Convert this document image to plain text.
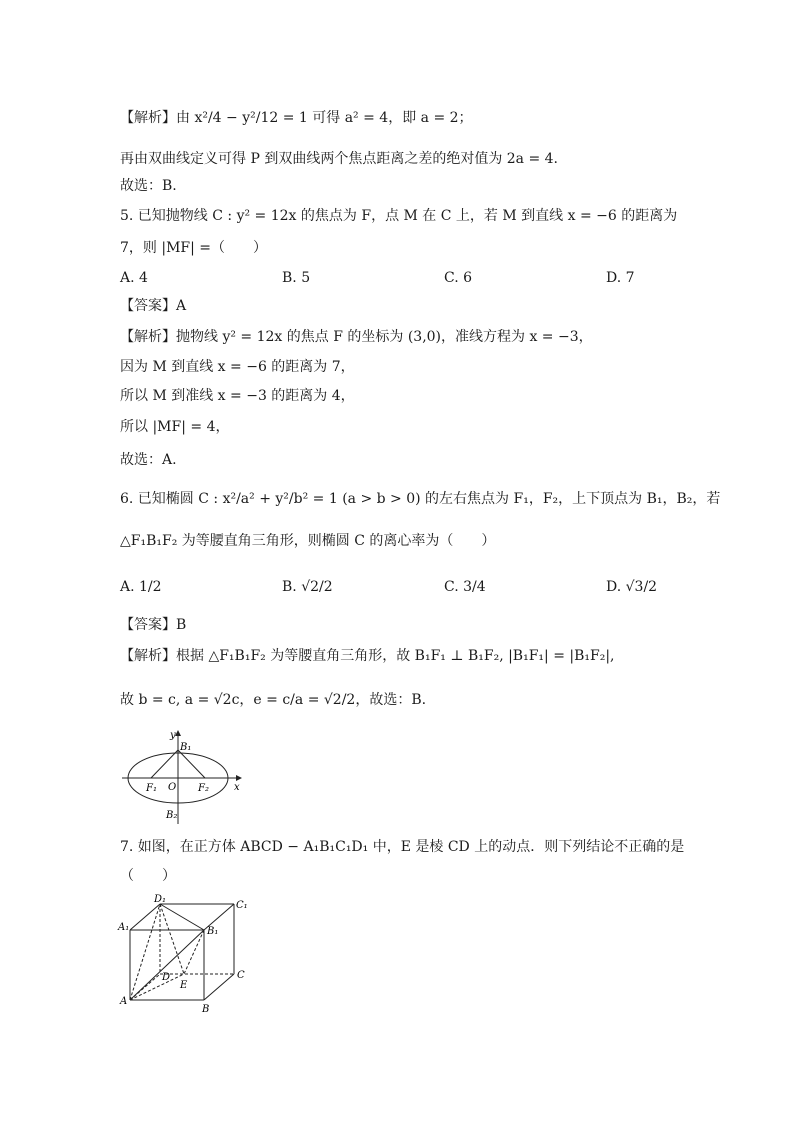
【解析】由 x²/4 − y²/12 = 1 可得 a² = 4，即 a = 2；
再由双曲线定义可得 P 到双曲线两个焦点距离之差的绝对值为 2a = 4.
故选：B.
5. 已知抛物线 C : y² = 12x 的焦点为 F，点 M 在 C 上，若 M 到直线 x = −6 的距离为
7，则 |MF| =（　　）
A. 4	B. 5	C. 6	D. 7
【答案】A
【解析】抛物线 y² = 12x 的焦点 F 的坐标为 (3,0)，准线方程为 x = −3，
因为 M 到直线 x = −6 的距离为 7，
所以 M 到准线 x = −3 的距离为 4，
所以 |MF| = 4，
故选：A.
6. 已知椭圆 C : x²/a² + y²/b² = 1 (a > b > 0) 的左右焦点为 F₁，F₂，上下顶点为 B₁，B₂，若
△F₁B₁F₂ 为等腰直角三角形，则椭圆 C 的离心率为（　　）
A. 1/2	B. √2/2	C. 3/4	D. √3/2
【答案】B
【解析】根据 △F₁B₁F₂ 为等腰直角三角形，故 B₁F₁ ⊥ B₁F₂, |B₁F₁| = |B₁F₂|,
故 b = c, a = √2c，e = c/a = √2/2，故选：B.
y
x
B₁
B₂
F₁	F₂
O
7. 如图，在正方体 ABCD − A₁B₁C₁D₁ 中，E 是棱 CD 上的动点．则下列结论不正确的是
（　　）
A
B
C
D
E
A₁	B₁
C₁
D₁
